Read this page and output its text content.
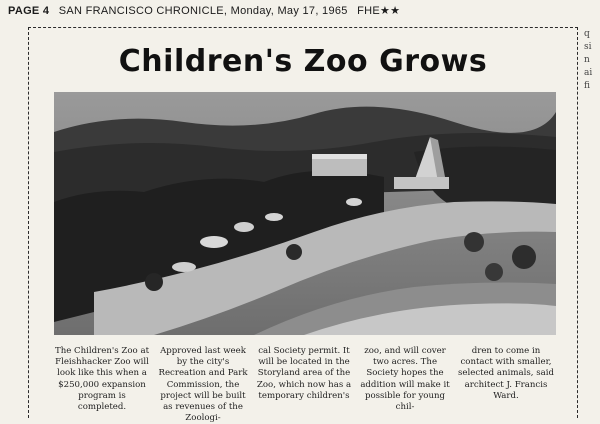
PAGE 4 SAN FRANCISCO CHRONICLE, Monday, May 17, 1965 FHE★★
Children's Zoo Grows
The Children's Zoo at Fleishhacker Zoo will look like this when a $250,000 expansion program is completed.
Approved last week by the city's Recreation and Park Commission, the project will be built as revenues of the Zoologi-
cal Society permit. It will be located in the Storyland area of the Zoo, which now has a temporary children's
zoo, and will cover two acres. The Society hopes the addition will make it possible for young chil-
dren to come in contact with smaller, selected animals, said architect J. Francis Ward.
q
si
n
ai
fi
